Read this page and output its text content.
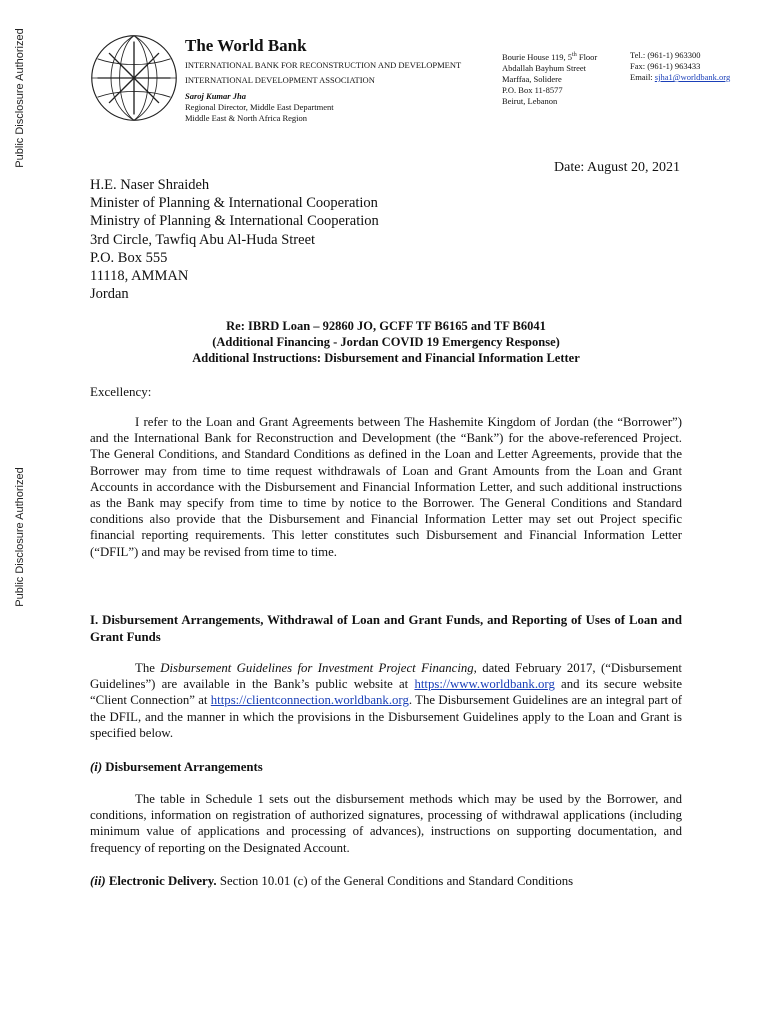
Public Disclosure Authorized
Public Disclosure Authorized
The World Bank
INTERNATIONAL BANK FOR RECONSTRUCTION AND DEVELOPMENT
INTERNATIONAL DEVELOPMENT ASSOCIATION
Saroj Kumar Jha
Regional Director, Middle East Department
Middle East & North Africa Region
Bourie House 119, 5th Floor
Abdallah Bayhum Street
Marffaa, Solidere
P.O. Box 11-8577
Beirut, Lebanon
Tel.: (961-1) 963300
Fax: (961-1) 963433
Email: sjha1@worldbank.org
Date: August 20, 2021
H.E. Naser Shraideh
Minister of Planning & International Cooperation
Ministry of Planning & International Cooperation
3rd Circle, Tawfiq Abu Al-Huda Street
P.O. Box 555
11118, AMMAN
Jordan
Re: IBRD Loan – 92860 JO, GCFF TF B6165 and TF B6041
(Additional Financing - Jordan COVID 19 Emergency Response)
Additional Instructions: Disbursement and Financial Information Letter
Excellency:
I refer to the Loan and Grant Agreements between The Hashemite Kingdom of Jordan (the “Borrower”) and the International Bank for Reconstruction and Development (the “Bank”) for the above-referenced Project. The General Conditions, and Standard Conditions as defined in the Loan and Letter Agreements, provide that the Borrower may from time to time request withdrawals of Loan and Grant Amounts from the Loan and Grant Accounts in accordance with the Disbursement and Financial Information Letter, and such additional instructions as the Bank may specify from time to time by notice to the Borrower. The General Conditions and Standard conditions also provide that the Disbursement and Financial Information Letter may set out Project specific financial reporting requirements. This letter constitutes such Disbursement and Financial Information Letter (“DFIL”) and may be revised from time to time.
I. Disbursement Arrangements, Withdrawal of Loan and Grant Funds, and Reporting of Uses of Loan and Grant Funds
The Disbursement Guidelines for Investment Project Financing, dated February 2017, (“Disbursement Guidelines”) are available in the Bank’s public website at https://www.worldbank.org and its secure website “Client Connection” at https://clientconnection.worldbank.org. The Disbursement Guidelines are an integral part of the DFIL, and the manner in which the provisions in the Disbursement Guidelines apply to the Loan and Grant is specified below.
(i) Disbursement Arrangements
The table in Schedule 1 sets out the disbursement methods which may be used by the Borrower, and conditions, information on registration of authorized signatures, processing of withdrawal applications (including minimum value of applications and processing of advances), instructions on supporting documentation, and frequency of reporting on the Designated Account.
(ii) Electronic Delivery. Section 10.01 (c) of the General Conditions and Standard Conditions
